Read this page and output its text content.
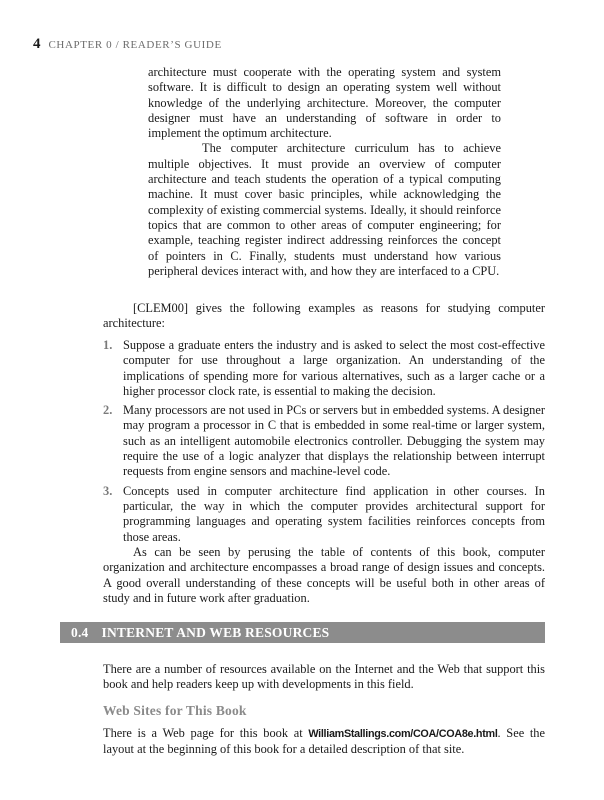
4 CHAPTER 0 / READER’S GUIDE

architecture must cooperate with the operating system and system software. It is difficult to design an operating system well without knowledge of the underlying architecture. Moreover, the computer designer must have an understanding of software in order to implement the optimum architecture.

The computer architecture curriculum has to achieve multiple objectives. It must provide an overview of computer architecture and teach students the operation of a typical computing machine. It must cover basic principles, while acknowledging the complexity of existing commercial systems. Ideally, it should reinforce topics that are common to other areas of computer engineering; for example, teaching register indirect addressing reinforces the concept of pointers in C. Finally, students must understand how various peripheral devices interact with, and how they are interfaced to a CPU.

[CLEM00] gives the following examples as reasons for studying computer architecture:

1. Suppose a graduate enters the industry and is asked to select the most cost-effective computer for use throughout a large organization. An understanding of the implications of spending more for various alternatives, such as a larger cache or a higher processor clock rate, is essential to making the decision.
2. Many processors are not used in PCs or servers but in embedded systems. A designer may program a processor in C that is embedded in some real-time or larger system, such as an intelligent automobile electronics controller. Debugging the system may require the use of a logic analyzer that displays the relationship between interrupt requests from engine sensors and machine-level code.
3. Concepts used in computer architecture find application in other courses. In particular, the way in which the computer provides architectural support for programming languages and operating system facilities reinforces concepts from those areas.

As can be seen by perusing the table of contents of this book, computer organization and architecture encompasses a broad range of design issues and concepts. A good overall understanding of these concepts will be useful both in other areas of study and in future work after graduation.

0.4 INTERNET AND WEB RESOURCES

There are a number of resources available on the Internet and the Web that support this book and help readers keep up with developments in this field.

Web Sites for This Book

There is a Web page for this book at WilliamStallings.com/COA/COA8e.html. See the layout at the beginning of this book for a detailed description of that site.
